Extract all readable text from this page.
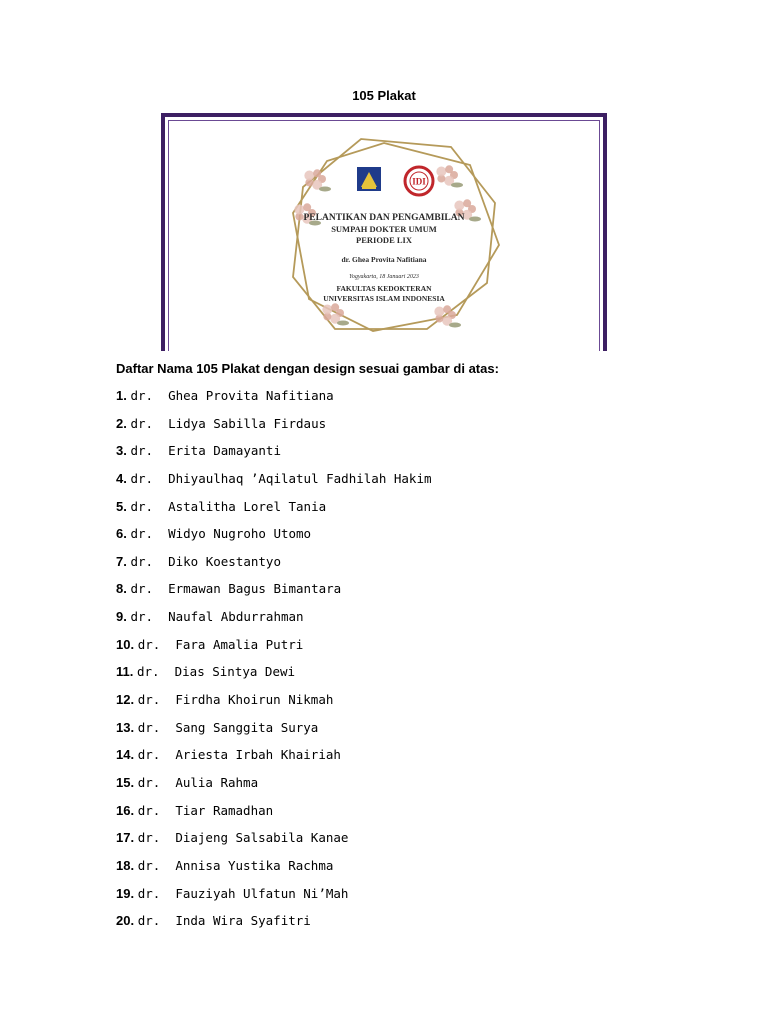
105 Plakat
IDI
PELANTIKAN DAN PENGAMBILAN
SUMPAH DOKTER UMUM
PERIODE LIX
dr. Ghea Provita Nafitiana
Yogyakarta, 18 Januari 2023
FAKULTAS KEDOKTERAN
UNIVERSITAS ISLAM INDONESIA
Daftar Nama 105 Plakat dengan design sesuai gambar di atas:
1. dr.  Ghea Provita Nafitiana
2. dr.  Lidya Sabilla Firdaus
3. dr.  Erita Damayanti
4. dr.  Dhiyaulhaq ’Aqilatul Fadhilah Hakim
5. dr.  Astalitha Lorel Tania
6. dr.  Widyo Nugroho Utomo
7. dr.  Diko Koestantyo
8. dr.  Ermawan Bagus Bimantara
9. dr.  Naufal Abdurrahman
10. dr.  Fara Amalia Putri
11. dr.  Dias Sintya Dewi
12. dr.  Firdha Khoirun Nikmah
13. dr.  Sang Sanggita Surya
14. dr.  Ariesta Irbah Khairiah
15. dr.  Aulia Rahma
16. dr.  Tiar Ramadhan
17. dr.  Diajeng Salsabila Kanae
18. dr.  Annisa Yustika Rachma
19. dr.  Fauziyah Ulfatun Ni’Mah
20. dr.  Inda Wira Syafitri
